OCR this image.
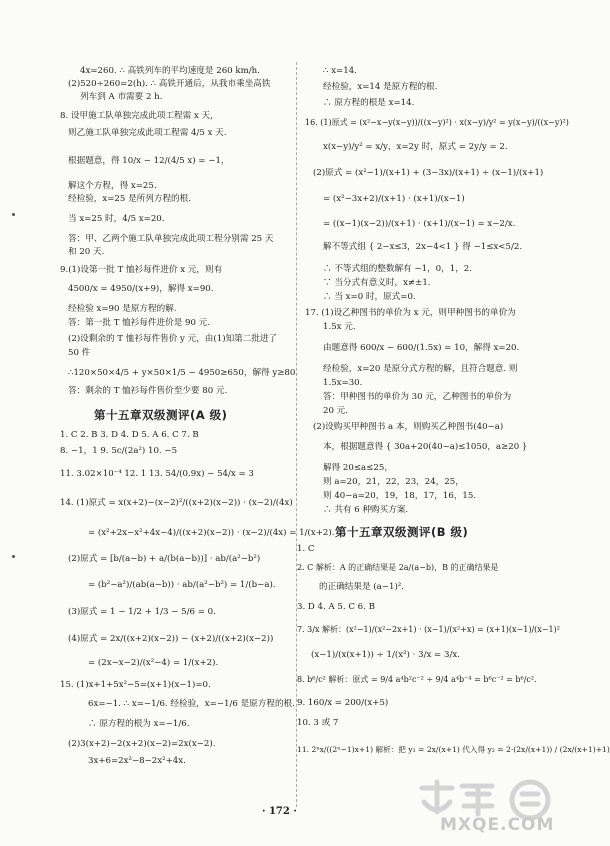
4x=260. ∴ 高铁列车的平均速度是 260 km/h.
(2)520÷260=2(h). ∴ 高铁开通后，从我市乘坐高铁
列车到 A 市需要 2 h.
8. 设甲施工队单独完成此项工程需 x 天，
则乙施工队单独完成此项工程需 4/5 x 天.
根据题意，得 10/x − 12/(4/5 x) = −1，
解这个方程，得 x=25.
经检验，x=25 是所列方程的根.
当 x=25 时，4/5 x=20.
答：甲、乙两个施工队单独完成此项工程分别需 25 天
和 20 天.
9.(1)设第一批 T 恤衫每件进价 x 元，则有
4500/x = 4950/(x+9)，解得 x=90.
经检验 x=90 是原方程的解.
答：第一批 T 恤衫每件进价是 90 元.
(2)设剩余的 T 恤衫每件售价 y 元，由(1)知第二批进了
50 件
∴120×50×4/5 + y×50×1/5 − 4950≥650，解得 y≥80.
答：剩余的 T 恤衫每件售价至少要 80 元.
第十五章双级测评(A 级)
1. C 2. B 3. D 4. D 5. A 6. C 7. B
8. −1，1 9. 5c/(2a²) 10. −5
11. 3.02×10⁻⁴ 12. 1 13. 54/(0.9x) − 54/x = 3
14. (1)原式 = x(x+2)−(x−2)²/((x+2)(x−2)) · (x−2)/(4x)
= (x²+2x−x²+4x−4)/((x+2)(x−2)) · (x−2)/(4x) = 1/(x+2).
(2)原式 = [b/(a−b) + a/(b(a−b))] · ab/(a²−b²)
= (b²−a²)/(ab(a−b)) · ab/(a²−b²) = 1/(b−a).
(3)原式 = 1 − 1/2 + 1/3 − 5/6 = 0.
(4)原式 = 2x/((x+2)(x−2)) − (x+2)/((x+2)(x−2))
= (2x−x−2)/(x²−4) = 1/(x+2).
15. (1)x+1+5x²−5=(x+1)(x−1)=0.
6x=−1. ∴ x=−1/6. 经检验，x=−1/6 是原方程的根.
∴ 原方程的根为 x=−1/6.
(2)3(x+2)−2(x+2)(x−2)=2x(x−2).
3x+6=2x²−8−2x²+4x.
∴ x=14.
经检验，x=14 是原方程的根.
∴ 原方程的根是 x=14.
16. (1)原式 = (x²−x−y(x−y))/((x−y)²) · x(x−y)/y² = y(x−y)/((x−y)²)
x(x−y)/y² = x/y，x=2y 时，原式 = 2y/y = 2.
(2)原式 = (x²−1)/(x+1) + (3−3x)/(x+1) ÷ (x−1)/(x+1)
= (x²−3x+2)/(x+1) · (x+1)/(x−1)
= ((x−1)(x−2))/(x+1) · (x+1)/(x−1) = x−2/x.
解不等式组 { 2−x≤3，2x−4<1 } 得 −1≤x<5/2.
∴ 不等式组的整数解有 −1，0，1，2.
∵ 当分式有意义时，x≠±1.
∴ 当 x=0 时，原式=0.
17. (1)设乙种图书的单价为 x 元，则甲种图书的单价为
1.5x 元.
由题意得 600/x − 600/(1.5x) = 10，解得 x=20.
经检验，x=20 是原分式方程的解，且符合题意. 则
1.5x=30.
答：甲种图书的单价为 30 元，乙种图书的单价为
20 元.
(2)设购买甲种图书 a 本，则购买乙种图书(40−a)
本，根据题意得 { 30a+20(40−a)≤1050，a≥20 }
解得 20≤a≤25，
则 a=20，21，22，23，24，25，
则 40−a=20，19，18，17，16，15.
∴ 共有 6 种购买方案.
第十五章双级测评(B 级)
1. C
2. C 解析：A 的正确结果是 2a/(a−b)，B 的正确结果是
的正确结果是 (a−1)².
3. D 4. A 5. C 6. B
7. 3/x 解析：(x²−1)/(x²−2x+1) · (x−1)/(x²+x) = (x+1)(x−1)/(x−1)²
(x−1)/(x(x+1)) ÷ 1/(x²) · 3/x = 3/x.
8. b⁶/c² 解析：原式 = 9/4 a⁴b²c⁻² ÷ 9/4 a⁴b⁻⁴ = b⁶c⁻² = b⁶/c².
9. 160/x = 200/(x+5)
10. 3 或 7
11. 2ⁿx/((2ⁿ−1)x+1) 解析：把 y₁ = 2x/(x+1) 代入得 y₂ = 2·(2x/(x+1)) / (2x/(x+1)+1)
· 172 ·
MXQE.COM
